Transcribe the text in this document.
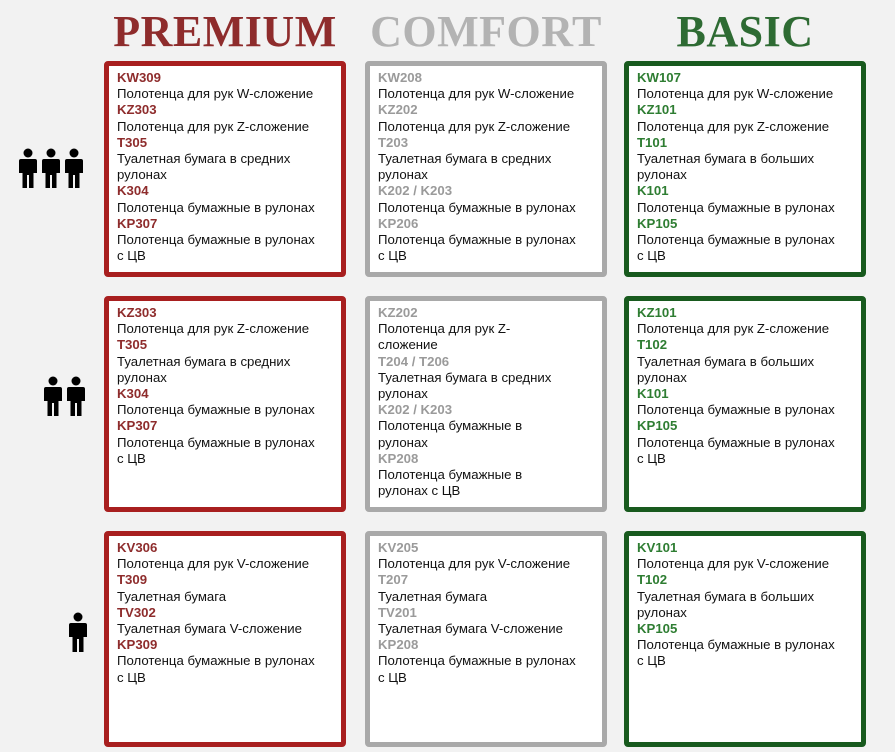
PREMIUM COMFORT	BASIC
KW309
Полотенца для рук W-сложение
KZ303
Полотенца для рук Z-сложение
T305
Туалетная бумага в средних
рулонах
K304
Полотенца бумажные в рулонах
KP307
Полотенца бумажные в рулонах
с ЦВ
KW208
Полотенца для рук W-сложение
KZ202
Полотенца для рук Z-сложение
T203
Туалетная бумага в средних
рулонах
K202 / K203
Полотенца бумажные в рулонах
KP206
Полотенца бумажные в рулонах
с ЦВ
KW107
Полотенца для рук W-сложение
KZ101
Полотенца для рук Z-сложение
T101
Туалетная бумага в больших
рулонах
K101
Полотенца бумажные в рулонах
KP105
Полотенца бумажные в рулонах
с ЦВ
KZ303
Полотенца для рук Z-сложение
T305
Туалетная бумага в средних
рулонах
K304
Полотенца бумажные в рулонах
KP307
Полотенца бумажные в рулонах
с ЦВ
KZ202
Полотенца для рук Z-
сложение
T204 / T206
Туалетная бумага в средних
рулонах
K202 / K203
Полотенца бумажные в
рулонах
KP208
Полотенца бумажные в
рулонах с ЦВ
KZ101
Полотенца для рук Z-сложение
T102
Туалетная бумага в больших
рулонах
K101
Полотенца бумажные в рулонах
KP105
Полотенца бумажные в рулонах
с ЦВ
KV306
Полотенца для рук V-сложение
T309
Туалетная бумага
TV302
Туалетная бумага V-сложение
KP309
Полотенца бумажные в рулонах
с ЦВ
KV205
Полотенца для рук V-сложение
T207
Туалетная бумага
TV201
Туалетная бумага V-сложение
KP208
Полотенца бумажные в рулонах
с ЦВ
KV101
Полотенца для рук V-сложение
T102
Туалетная бумага в больших
рулонах
KP105
Полотенца бумажные в рулонах
с ЦВ
